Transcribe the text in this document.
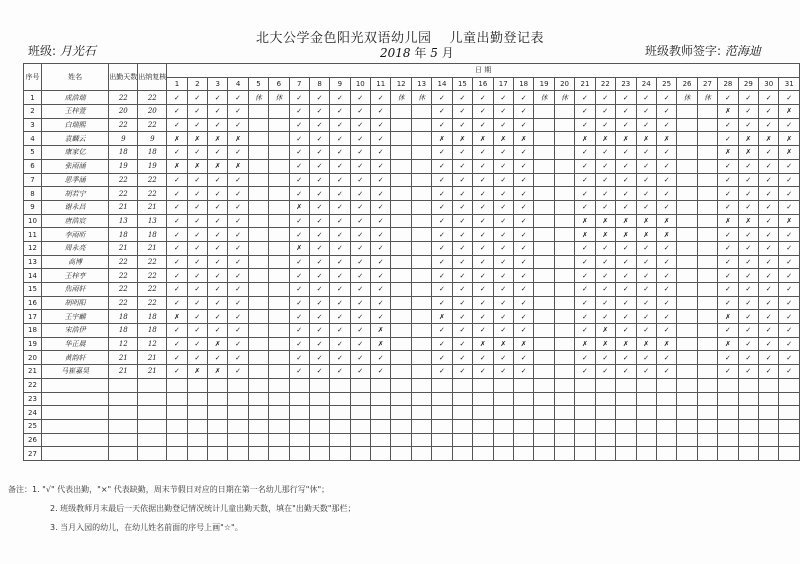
北大公学金色阳光双语幼儿园 儿童出勤登记表
班级: 月光石	2018 年 5 月	班级教师签字: 范海迪
序号	姓名	出勤天数	出纳复核	日 期																														
				1	2	3	4	5	6	7	8	9	10	11	12	13	14	15	16	17	18	19	20	21	22	23	24	25	26	27	28	29	30	31
1	成浩瑞	22	22	✓	✓	✓	✓	休	休	✓	✓	✓	✓	✓	休	休	✓	✓	✓	✓	✓	休	休	✓	✓	✓	✓	✓	休	休	✓	✓	✓	✓
2	王梓萱	20	20	✓	✓	✓	✓			✓	✓	✓	✓	✓			✓	✓	✓	✓	✓			✓	✓	✓	✓	✓			✗	✓	✓	✗
3	白瑞熙	22	22	✓	✓	✓	✓			✓	✓	✓	✓	✓			✓	✓	✓	✓	✓			✓	✓	✓	✓	✓			✓	✓	✓	✓
4	袁麟云	9	9	✗	✗	✗	✗			✓	✓	✓	✓	✓			✗	✗	✗	✗	✗			✗	✗	✗	✗	✗			✓	✗	✗	✗
5	康家亿	18	18	✓	✓	✓	✓			✓	✓	✓	✓	✓			✓	✓	✓	✓	✓			✓	✓	✓	✓	✓			✗	✗	✓	✗
6	张雨涵	19	19	✗	✗	✗	✗			✓	✓	✓	✓	✓			✓	✓	✓	✓	✓			✓	✓	✓	✓	✓			✓	✓	✓	✓
7	思季涵	22	22	✓	✓	✓	✓			✓	✓	✓	✓	✓			✓	✓	✓	✓	✓			✓	✓	✓	✓	✓			✓	✓	✓	✓
8	胡若宁	22	22	✓	✓	✓	✓			✓	✓	✓	✓	✓			✓	✓	✓	✓	✓			✓	✓	✓	✓	✓			✓	✓	✓	✓
9	谢永昌	21	21	✓	✓	✓	✓			✗	✓	✓	✓	✓			✓	✓	✓	✓	✓			✓	✓	✓	✓	✓			✓	✓	✓	✓
10	唐浩宸	13	13	✓	✓	✓	✓			✓	✓	✓	✓	✓			✓	✓	✓	✓	✓			✗	✗	✗	✗	✗			✗	✗	✓	✗
11	李雨昕	18	18	✓	✓	✓	✓			✓	✓	✓	✓	✓			✓	✓	✓	✓	✓			✗	✗	✗	✗	✗			✓	✓	✓	✓
12	周永亮	21	21	✓	✓	✓	✓			✗	✓	✓	✓	✓			✓	✓	✓	✓	✓			✓	✓	✓	✓	✓			✓	✓	✓	✓
13	高博	22	22	✓	✓	✓	✓			✓	✓	✓	✓	✓			✓	✓	✓	✓	✓			✓	✓	✓	✓	✓			✓	✓	✓	✓
14	王梓亨	22	22	✓	✓	✓	✓			✓	✓	✓	✓	✓			✓	✓	✓	✓	✓			✓	✓	✓	✓	✓			✓	✓	✓	✓
15	焦雨轩	22	22	✓	✓	✓	✓			✓	✓	✓	✓	✓			✓	✓	✓	✓	✓			✓	✓	✓	✓	✓			✓	✓	✓	✓
16	胡明阳	22	22	✓	✓	✓	✓			✓	✓	✓	✓	✓			✓	✓	✓	✓	✓			✓	✓	✓	✓	✓			✓	✓	✓	✓
17	王宇麒	18	18	✗	✓	✓	✓			✓	✓	✓	✓	✓			✗	✓	✓	✓	✓			✓	✓	✓	✓	✓			✗	✓	✓	✓
18	宋浩伊	18	18	✓	✓	✓	✓			✓	✓	✓	✓	✗			✓	✓	✓	✓	✓			✓	✗	✓	✓	✓			✓	✓	✓	✓
19	华正晨	12	12	✓	✓	✗	✓			✓	✓	✓	✓	✗			✓	✓	✗	✗	✗			✗	✗	✗	✗	✗			✗	✓	✓	✓
20	黄韵轩	21	21	✓	✓	✓	✓			✓	✓	✓	✓	✓			✓	✓	✓	✓	✓			✓	✓	✓	✓	✓			✓	✓	✓	✓
21	马崔嘉昊	21	21	✓	✗	✗	✓			✓	✓	✓	✓	✓			✓	✓	✓	✓	✓			✓	✓	✓	✓	✓			✓	✓	✓	✓
22																																		
23																																		
24																																		
25																																		
26																																		
27																																		
备注：1. "√" 代表出勤，"×" 代表缺勤，周末节假日对应的日期在第一名幼儿那行写"休"；
2. 班级教师月末最后一天依据出勤登记情况统计儿童出勤天数，填在"出勤天数"那栏；
3. 当月入园的幼儿，在幼儿姓名前面的序号上画"☆"。
